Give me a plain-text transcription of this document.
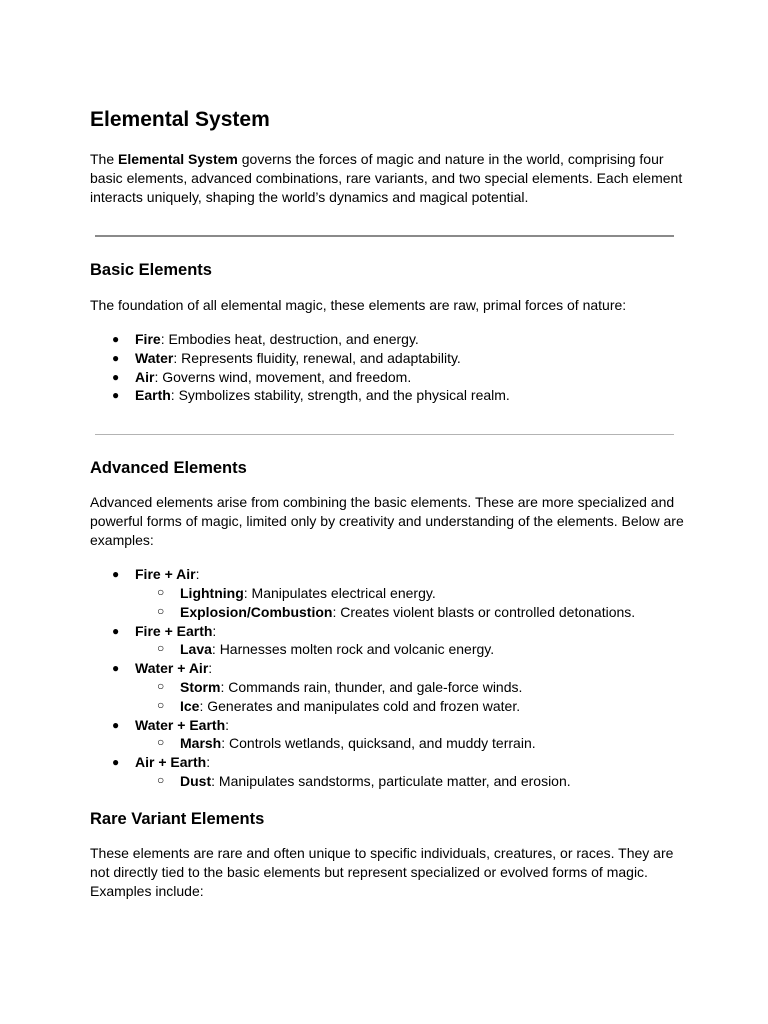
Elemental System

The Elemental System governs the forces of magic and nature in the world, comprising four basic elements, advanced combinations, rare variants, and two special elements. Each element interacts uniquely, shaping the world’s dynamics and magical potential.

Basic Elements

The foundation of all elemental magic, these elements are raw, primal forces of nature:

● Fire: Embodies heat, destruction, and energy.
● Water: Represents fluidity, renewal, and adaptability.
● Air: Governs wind, movement, and freedom.
● Earth: Symbolizes stability, strength, and the physical realm.
Advanced Elements

Advanced elements arise from combining the basic elements. These are more specialized and powerful forms of magic, limited only by creativity and understanding of the elements. Below are examples:

● Fire + Air:
○ Lightning: Manipulates electrical energy.
○ Explosion/Combustion: Creates violent blasts or controlled detonations.
● Fire + Earth:
○ Lava: Harnesses molten rock and volcanic energy.
● Water + Air:
○ Storm: Commands rain, thunder, and gale-force winds.
○ Ice: Generates and manipulates cold and frozen water.
● Water + Earth:
○ Marsh: Controls wetlands, quicksand, and muddy terrain.
● Air + Earth:
○ Dust: Manipulates sandstorms, particulate matter, and erosion.
Rare Variant Elements

These elements are rare and often unique to specific individuals, creatures, or races. They are not directly tied to the basic elements but represent specialized or evolved forms of magic. Examples include:
